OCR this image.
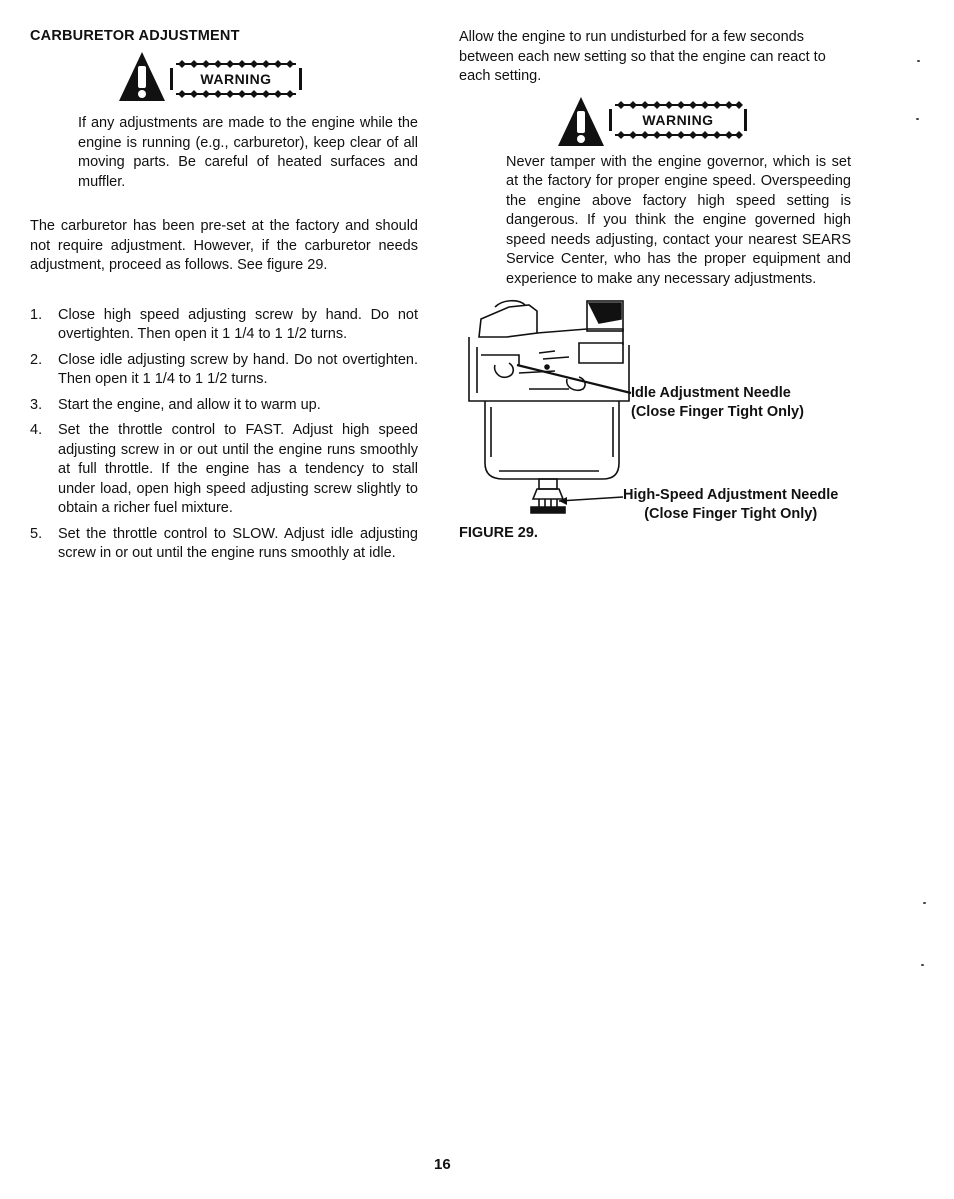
CARBURETOR ADJUSTMENT
WARNING

If any adjustments are made to the engine while the engine is running (e.g., carburetor), keep clear of all moving parts. Be careful of heated surfaces and muffler.

The carburetor has been pre-set at the factory and should not require adjustment. However, if the carburetor needs adjustment, proceed as follows. See figure 29.

1.	Close high speed adjusting screw by hand. Do not overtighten. Then open it 1 1/4 to 1 1/2 turns.
2.	Close idle adjusting screw by hand. Do not overtighten. Then open it 1 1/4 to 1 1/2 turns.
3.	Start the engine, and allow it to warm up.
4.	Set the throttle control to FAST. Adjust high speed adjusting screw in or out until the engine runs smoothly at full throttle. If the engine has a tendency to stall under load, open high speed adjusting screw slightly to obtain a richer fuel mixture.
5.	Set the throttle control to SLOW. Adjust idle adjusting screw in or out until the engine runs smoothly at idle.

Allow the engine to run undisturbed for a few seconds between each new setting so that the engine can react to each setting.

WARNING

Never tamper with the engine governor, which is set at the factory for proper engine speed. Overspeeding the engine above factory high speed setting is dangerous. If you think the engine governed high speed needs adjusting, contact your nearest SEARS Service Center, who has the proper equipment and experience to make any necessary adjustments.

Idle Adjustment Needle
(Close Finger Tight Only)
High-Speed Adjustment Needle
(Close Finger Tight Only)
FIGURE 29.
16
